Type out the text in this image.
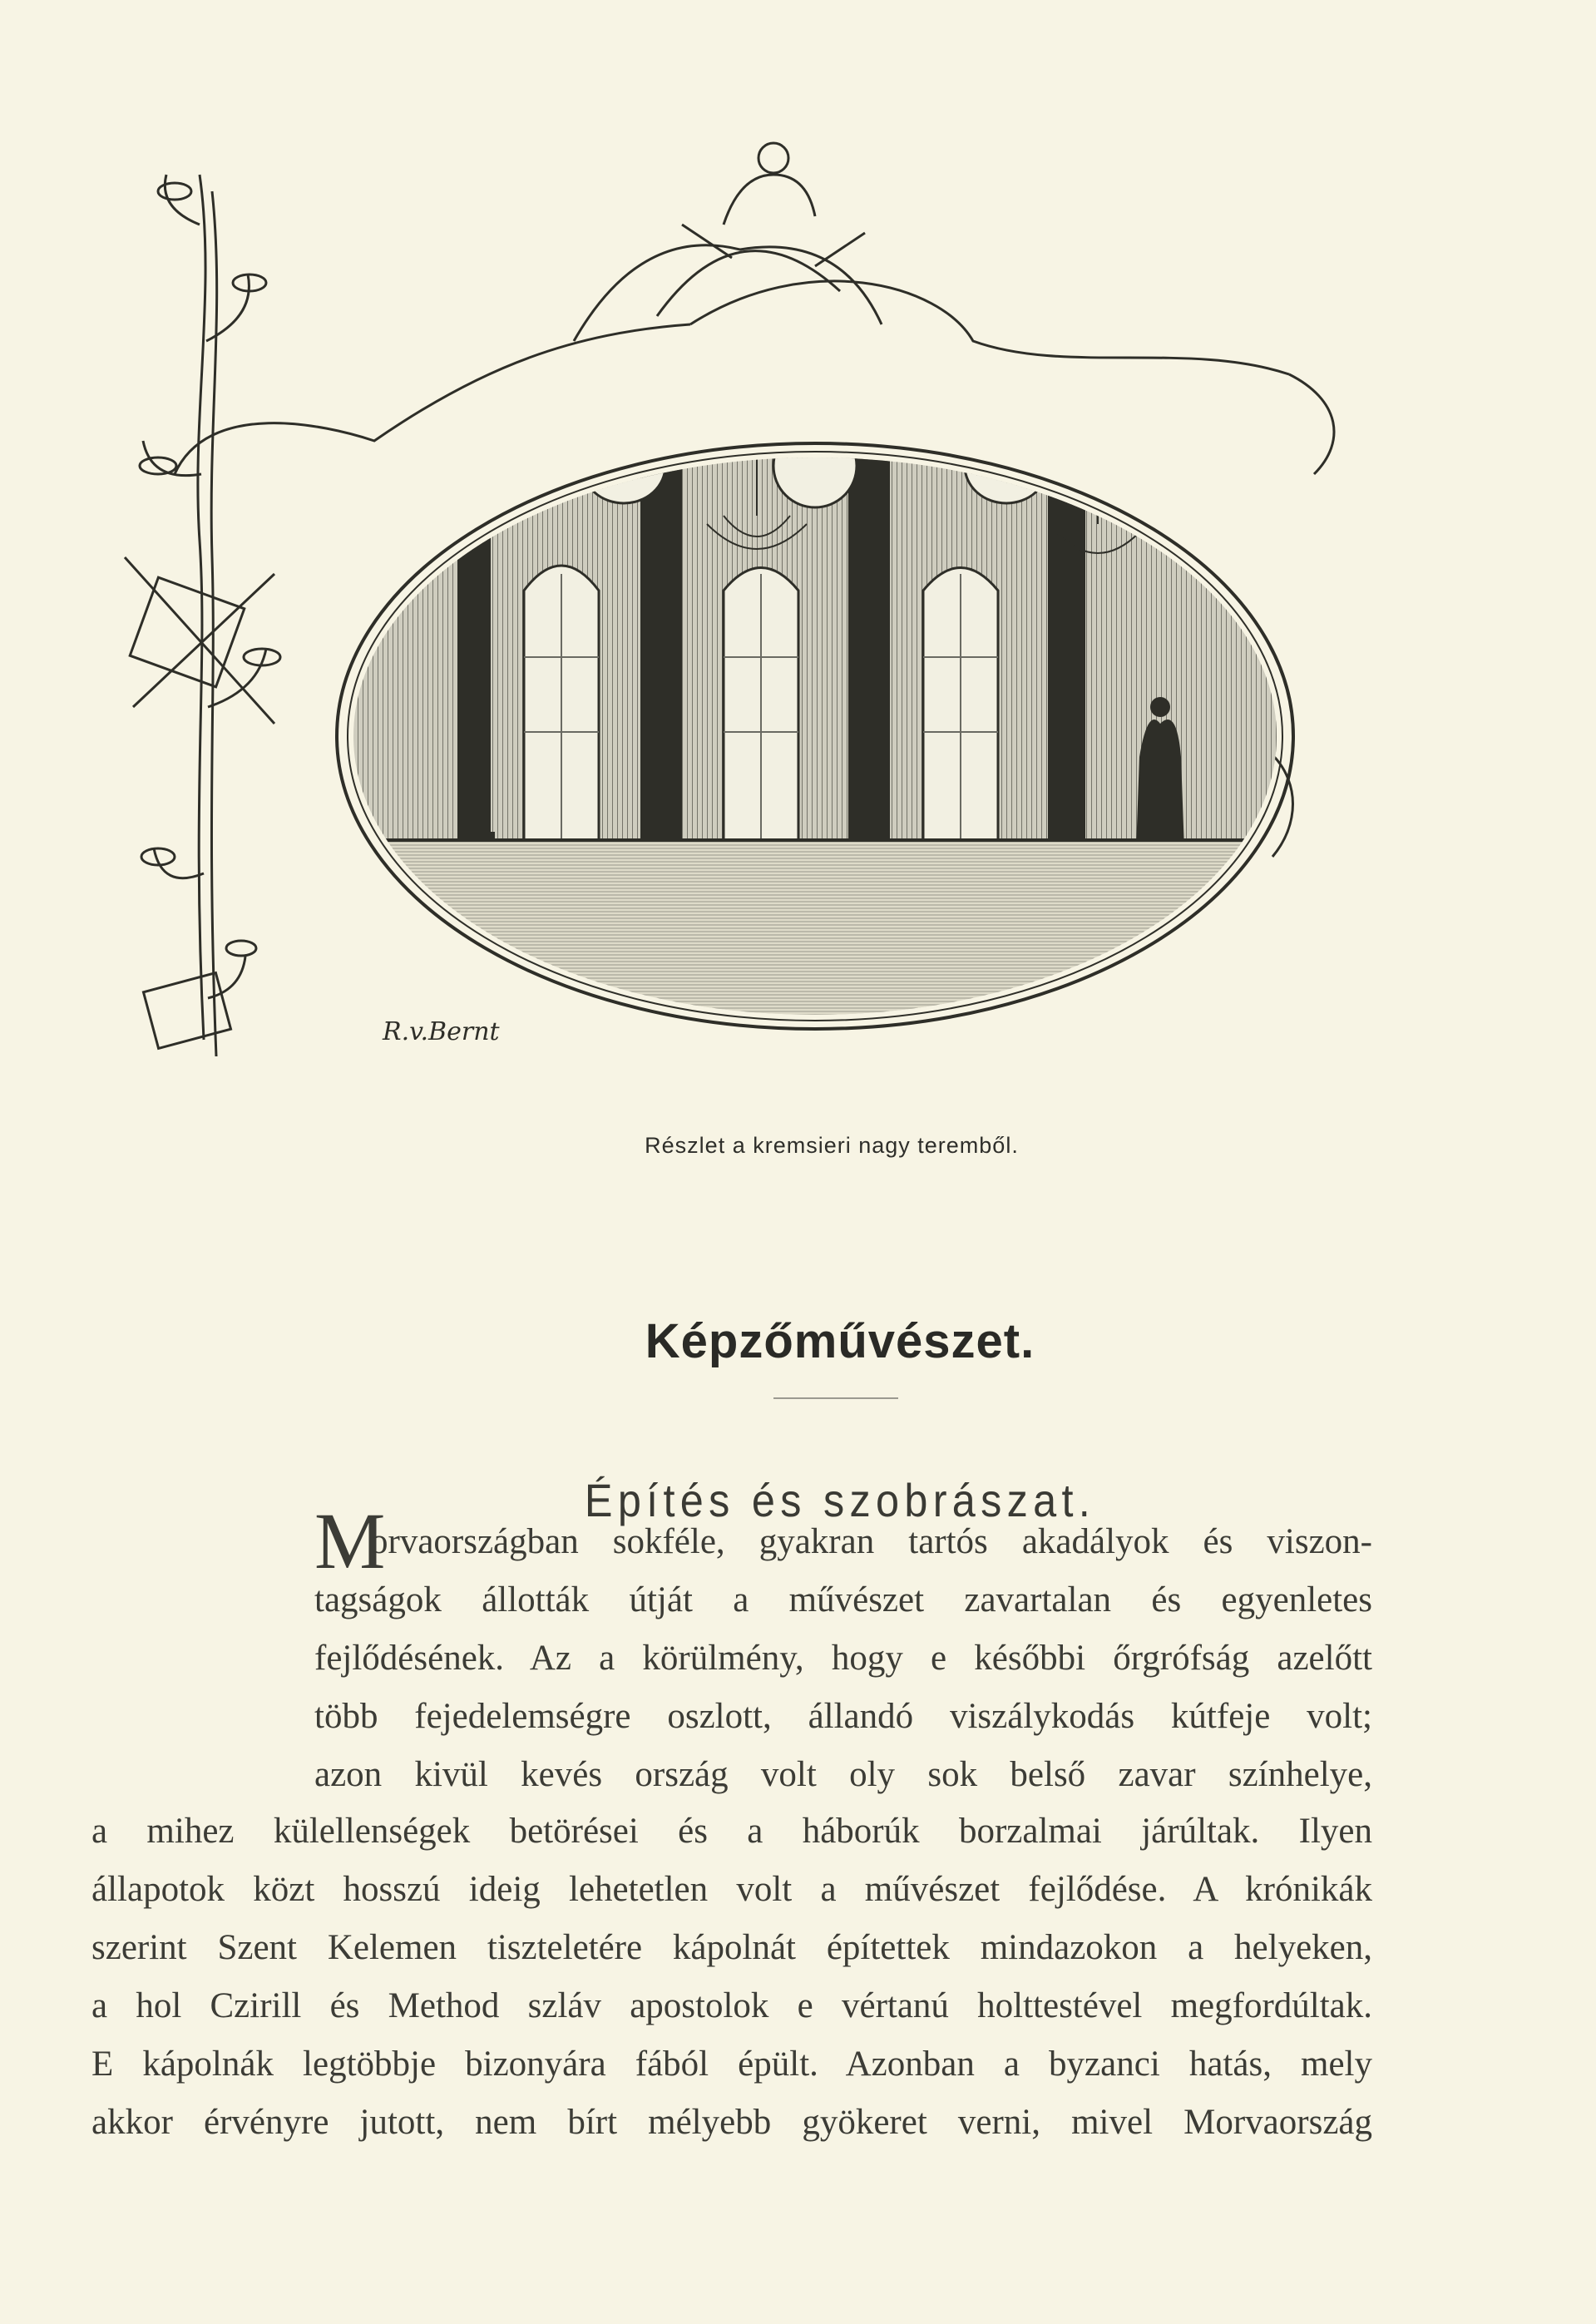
R.v.Bernt
Részlet a kremsieri nagy teremből.
Képzőművészet.
Építés és szobrászat.
M
orvaországban sokféle, gyakran tartós akadályok és viszon-
tagságok állották útját a művészet zavartalan és egyenletes
fejlődésének. Az a körülmény, hogy e későbbi őrgrófság azelőtt
több fejedelemségre oszlott, állandó viszálykodás kútfeje volt;
azon kivül kevés ország volt oly sok belső zavar színhelye,
a mihez külellenségek betörései és a háborúk borzalmai járúltak. Ilyen
állapotok közt hosszú ideig lehetetlen volt a művészet fejlődése. A krónikák
szerint Szent Kelemen tiszteletére kápolnát építettek mindazokon a helyeken,
a hol Czirill és Method szláv apostolok e vértanú holttestével megfordúltak.
E kápolnák legtöbbje bizonyára fából épült. Azonban a byzanci hatás, mely
akkor érvényre jutott, nem bírt mélyebb gyökeret verni, mivel Morvaország
